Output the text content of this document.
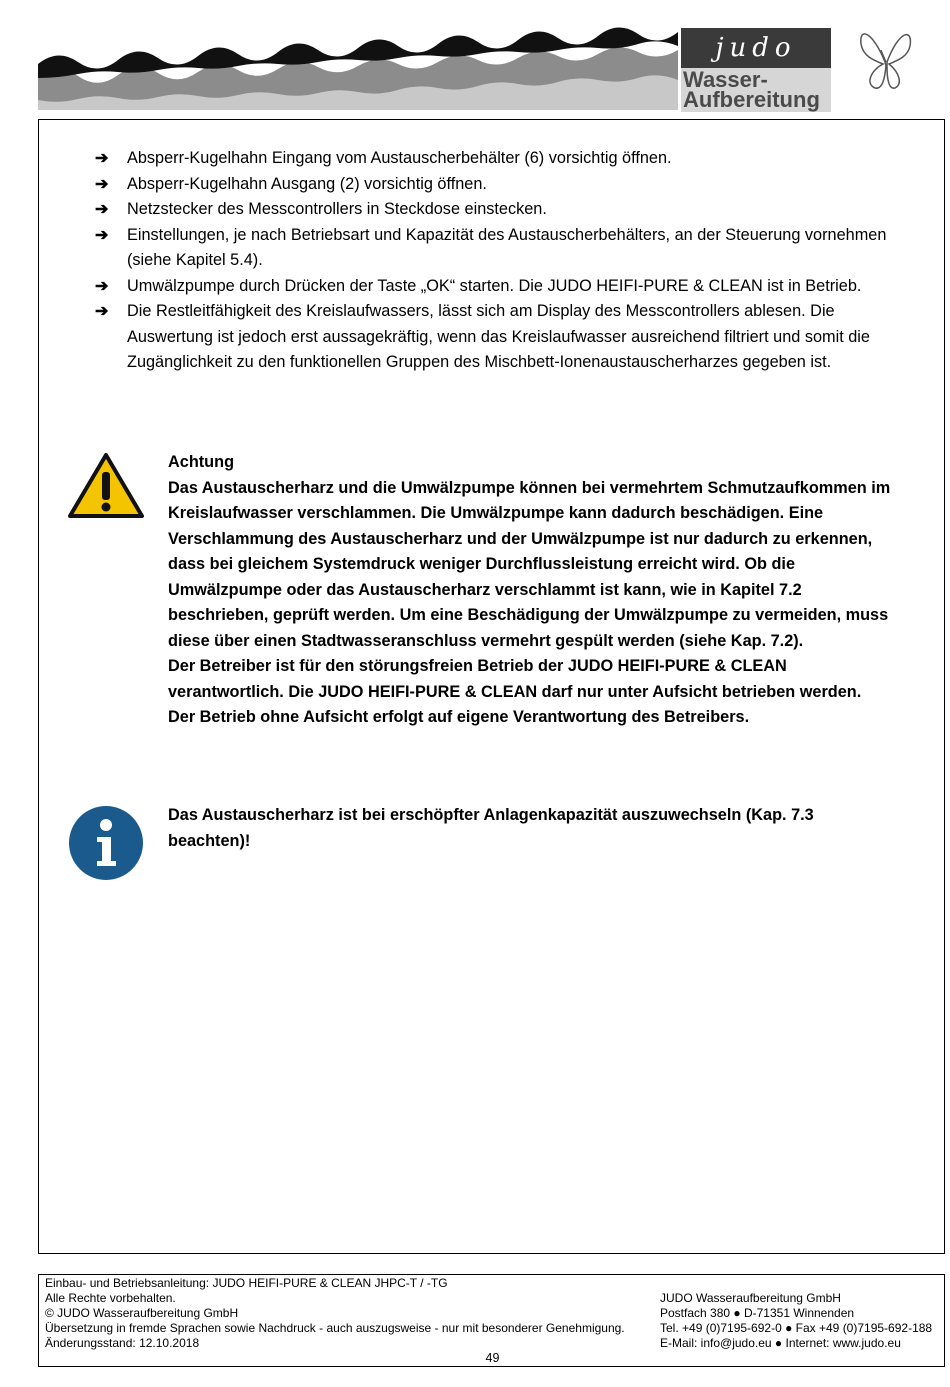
judo
Wasser-
Aufbereitung
➔ Absperr-Kugelhahn Eingang vom Austauscherbehälter (6) vorsichtig öffnen.
➔ Absperr-Kugelhahn Ausgang (2) vorsichtig öffnen.
➔ Netzstecker des Messcontrollers in Steckdose einstecken.
➔ Einstellungen, je nach Betriebsart und Kapazität des Austauscherbehälters, an der Steuerung vornehmen (siehe Kapitel 5.4).
➔ Umwälzpumpe durch Drücken der Taste „OK“ starten. Die JUDO HEIFI-PURE & CLEAN ist in Betrieb.
➔ Die Restleitfähigkeit des Kreislaufwassers, lässt sich am Display des Messcontrollers ablesen. Die Auswertung ist jedoch erst aussagekräftig, wenn das Kreislaufwasser ausreichend filtriert und somit die Zugänglichkeit zu den funktionellen Gruppen des Mischbett-Ionenaustauscherharzes gegeben ist.
Achtung
Das Austauscherharz und die Umwälzpumpe können bei vermehrtem Schmutzaufkommen im Kreislaufwasser verschlammen. Die Umwälzpumpe kann dadurch beschädigen. Eine Verschlammung des Austauscherharz und der Umwälzpumpe ist nur dadurch zu erkennen, dass bei gleichem Systemdruck weniger Durchflussleistung erreicht wird. Ob die Umwälzpumpe oder das Austauscherharz verschlammt ist kann, wie in Kapitel 7.2 beschrieben, geprüft werden. Um eine Beschädigung der Umwälzpumpe zu vermeiden, muss diese über einen Stadtwasseranschluss vermehrt gespült werden (siehe Kap. 7.2).
Der Betreiber ist für den störungsfreien Betrieb der JUDO HEIFI-PURE & CLEAN verantwortlich. Die JUDO HEIFI-PURE & CLEAN darf nur unter Aufsicht betrieben werden.
Der Betrieb ohne Aufsicht erfolgt auf eigene Verantwortung des Betreibers.
Das Austauscherharz ist bei erschöpfter Anlagenkapazität auszuwechseln (Kap. 7.3 beachten)!
Einbau- und Betriebsanleitung: JUDO HEIFI-PURE & CLEAN JHPC-T / -TG
Alle Rechte vorbehalten.
© JUDO Wasseraufbereitung GmbH
Übersetzung in fremde Sprachen sowie Nachdruck - auch auszugsweise - nur mit besonderer Genehmigung.
Änderungsstand: 12.10.2018
JUDO Wasseraufbereitung GmbH
Postfach 380 ● D-71351 Winnenden
Tel. +49 (0)7195-692-0 ● Fax +49 (0)7195-692-188
E-Mail: info@judo.eu ● Internet: www.judo.eu
49
